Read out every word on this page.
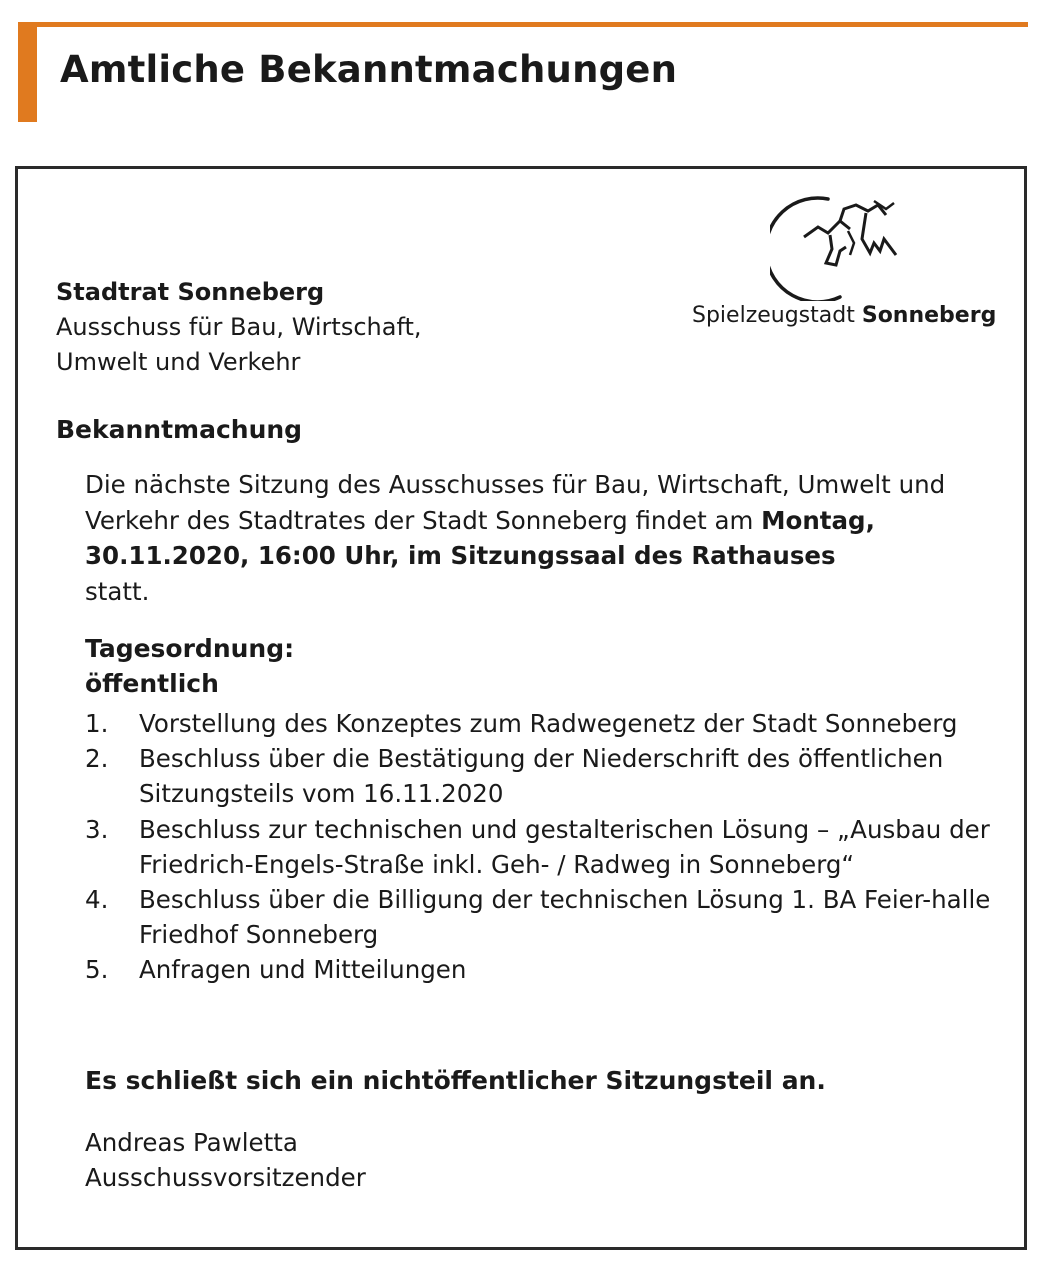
Amtliche Bekanntmachungen
Stadtrat Sonneberg
Ausschuss für Bau, Wirtschaft,
Umwelt und Verkehr
Spielzeugstadt Sonneberg
Bekanntmachung
Die nächste Sitzung des Ausschusses für Bau, Wirtschaft, Umwelt und Verkehr des Stadtrates der Stadt Sonneberg findet am Montag, 30.11.2020, 16:00 Uhr, im Sitzungssaal des Rathauses
statt.
Tagesordnung:
öffentlich
1. Vorstellung des Konzeptes zum Radwegenetz der Stadt Sonneberg
2. Beschluss über die Bestätigung der Niederschrift des öffentlichen Sitzungsteils vom 16.11.2020
3. Beschluss zur technischen und gestalterischen Lösung – „Ausbau der Friedrich-Engels-Straße inkl. Geh- / Radweg in Sonneberg“
4. Beschluss über die Billigung der technischen Lösung 1. BA Feier-halle Friedhof Sonneberg
5. Anfragen und Mitteilungen
Es schließt sich ein nichtöffentlicher Sitzungsteil an.
Andreas Pawletta
Ausschussvorsitzender
